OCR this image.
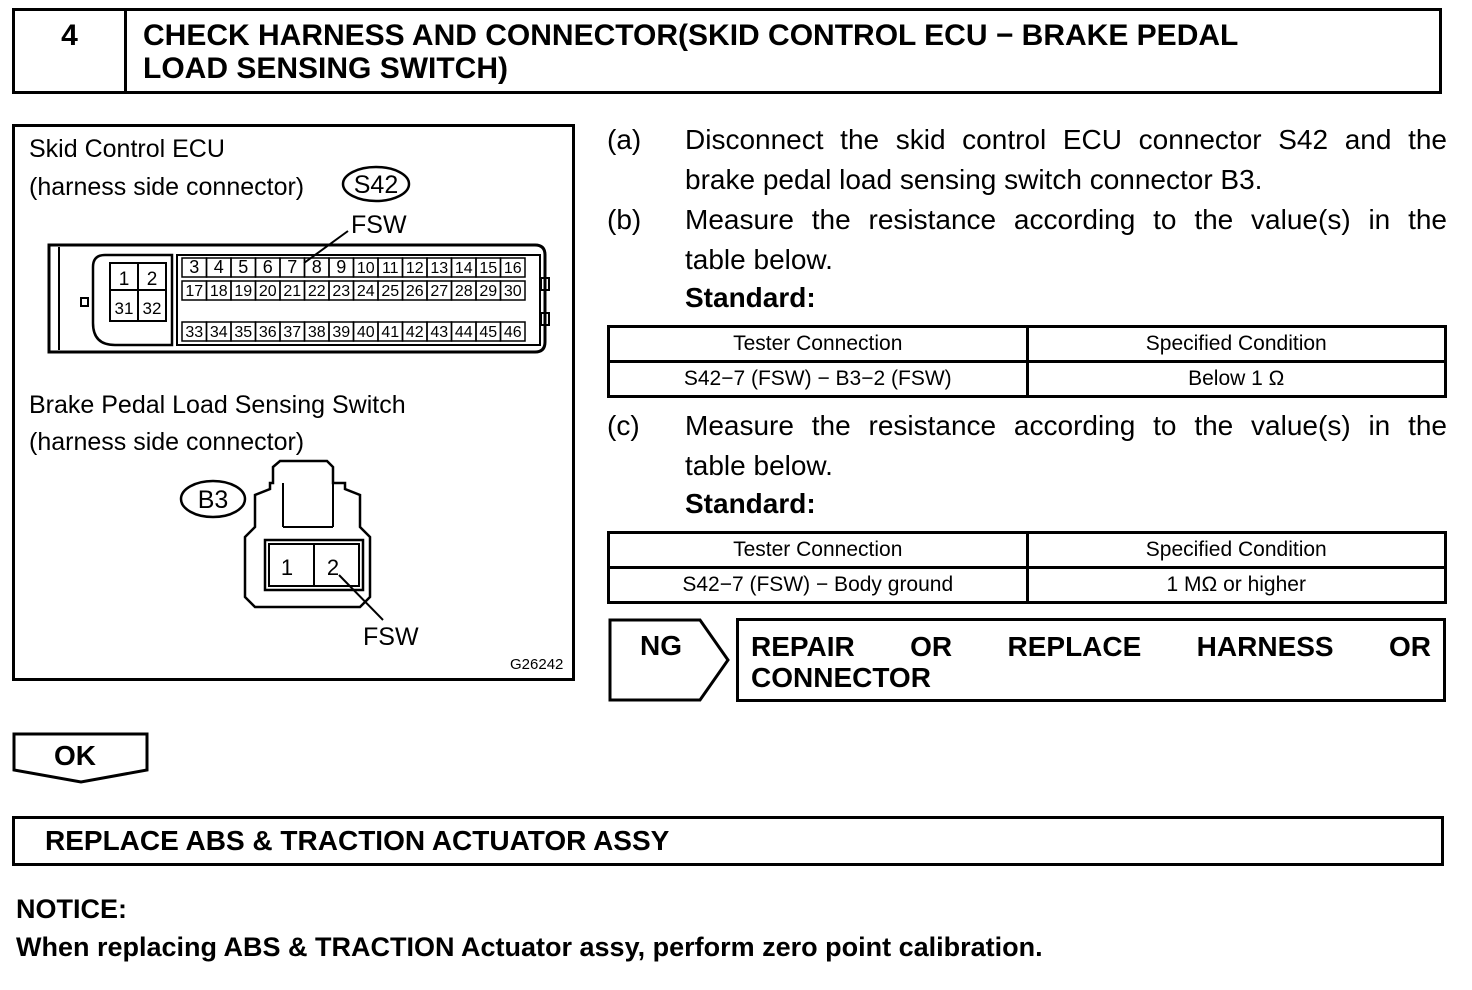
4	CHECK HARNESS AND CONNECTOR(SKID CONTROL ECU − BRAKE PEDAL
LOAD SENSING SWITCH)
Skid Control ECU
(harness side connector)
FSW
S42
1 2
31 32
3 4 5 6 7 8 9 10 11 12 13 14 15 16
17 18 19 20 21 22 23 24 25 26 27 28 29 30
33 34 35 36 37 38 39 40 41 42 43 44 45 46
B3
1 2
Brake Pedal Load Sensing Switch
(harness side connector)
FSW
G26242
(a) Disconnect the skid control ECU connector S42 and the
brake pedal load sensing switch connector B3.
(b) Measure the resistance according to the value(s) in the
table below.
Standard:
(c) Measure the resistance according to the value(s) in the
table below.
Standard:
Tester Connection	Specified Condition
S42−7 (FSW) − B3−2 (FSW)	Below 1 Ω
Tester Connection	Specified Condition
S42−7 (FSW) − Body ground	1 MΩ or higher
NG REPAIR OR REPLACE HARNESS OR
CONNECTOR
OK
REPLACE ABS & TRACTION ACTUATOR ASSY
NOTICE:
When replacing ABS & TRACTION Actuator assy, perform zero point calibration.
